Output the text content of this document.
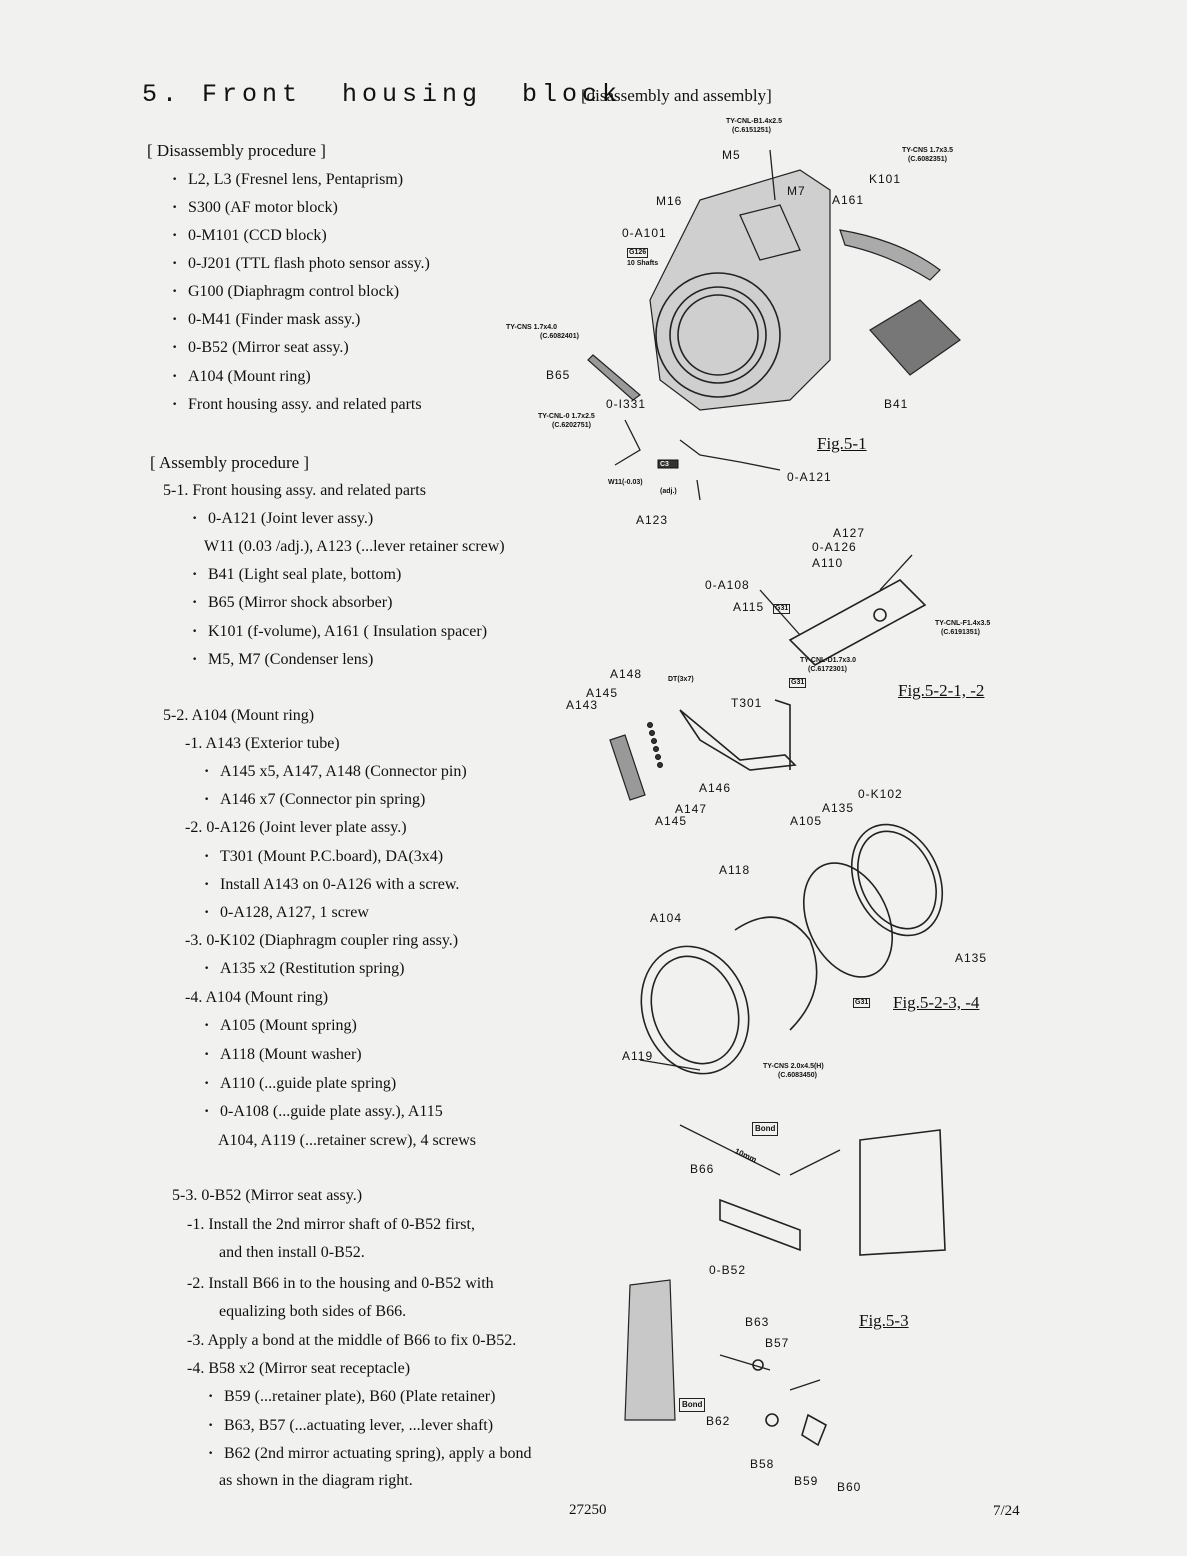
5. Front  housing  block
[disassembly and assembly]
[ Disassembly procedure ]
· L2, L3 (Fresnel lens, Pentaprism)
· S300 (AF motor block)
· 0-M101 (CCD block)
· 0-J201 (TTL flash photo sensor assy.)
· G100 (Diaphragm control block)
· 0-M41 (Finder mask assy.)
· 0-B52 (Mirror seat assy.)
· A104 (Mount ring)
· Front housing assy. and related parts
[ Assembly procedure ]
5-1. Front housing assy. and related parts
· 0-A121 (Joint lever assy.)
W11 (0.03 /adj.), A123 (...lever retainer screw)
· B41 (Light seal plate, bottom)
· B65 (Mirror shock absorber)
· K101 (f-volume), A161 ( Insulation spacer)
· M5, M7 (Condenser lens)
5-2. A104 (Mount ring)
-1. A143 (Exterior tube)
· A145 x5, A147, A148 (Connector pin)
· A146 x7 (Connector pin spring)
-2. 0-A126 (Joint lever plate assy.)
· T301 (Mount P.C.board), DA(3x4)
· Install A143 on 0-A126 with a screw.
· 0-A128, A127, 1 screw
-3. 0-K102 (Diaphragm coupler ring assy.)
· A135 x2 (Restitution spring)
-4. A104 (Mount ring)
· A105 (Mount spring)
· A118 (Mount washer)
· A110 (...guide plate spring)
· 0-A108 (...guide plate assy.), A115
A104, A119 (...retainer screw), 4 screws
5-3. 0-B52 (Mirror seat assy.)
-1. Install the 2nd mirror shaft of 0-B52 first,
and then install 0-B52.
-2. Install B66 in to the housing and 0-B52 with
equalizing both sides of B66.
-3. Apply a bond at the middle of B66 to fix 0-B52.
-4. B58 x2 (Mirror seat receptacle)
· B59 (...retainer plate), B60 (Plate retainer)
· B63, B57 (...actuating lever, ...lever shaft)
· B62 (2nd mirror actuating spring), apply a bond
as shown in the diagram right.
M5
M7
M16
0-A101
K101
A161
B65
B41
0-I331
0-A121
A123
TY-CNL-B1.4x2.5
(C.6151251)
TY-CNS 1.7x3.5
(C.6082351)
G126
10 Shafts
TY-CNS 1.7x4.0
(C.6082401)
TY-CNL-0 1.7x2.5
(C.6202751)
W11(-0.03)
(adj.)
C3
Fig.5-1
A127
0-A126
A110
0-A108
A115
A148
A145
A143	T301
A146
A147
A145
G31
TY-CNL-F1.4x3.5
(C.6191351)
TY-CNL-D1.7x3.0
(C.6172301)
G31
DT(3x7)
Fig.5-2-1, -2
0-K102
A135
A105
A118
A104
A135
A119
G31
TY-CNS 2.0x4.5(H)
(C.6083450)
Fig.5-2-3, -4
B66
0-B52
B63
B57
B62
B58
B59 B60
Bond
10mm
Bond
Fig.5-3
27250	7/24
